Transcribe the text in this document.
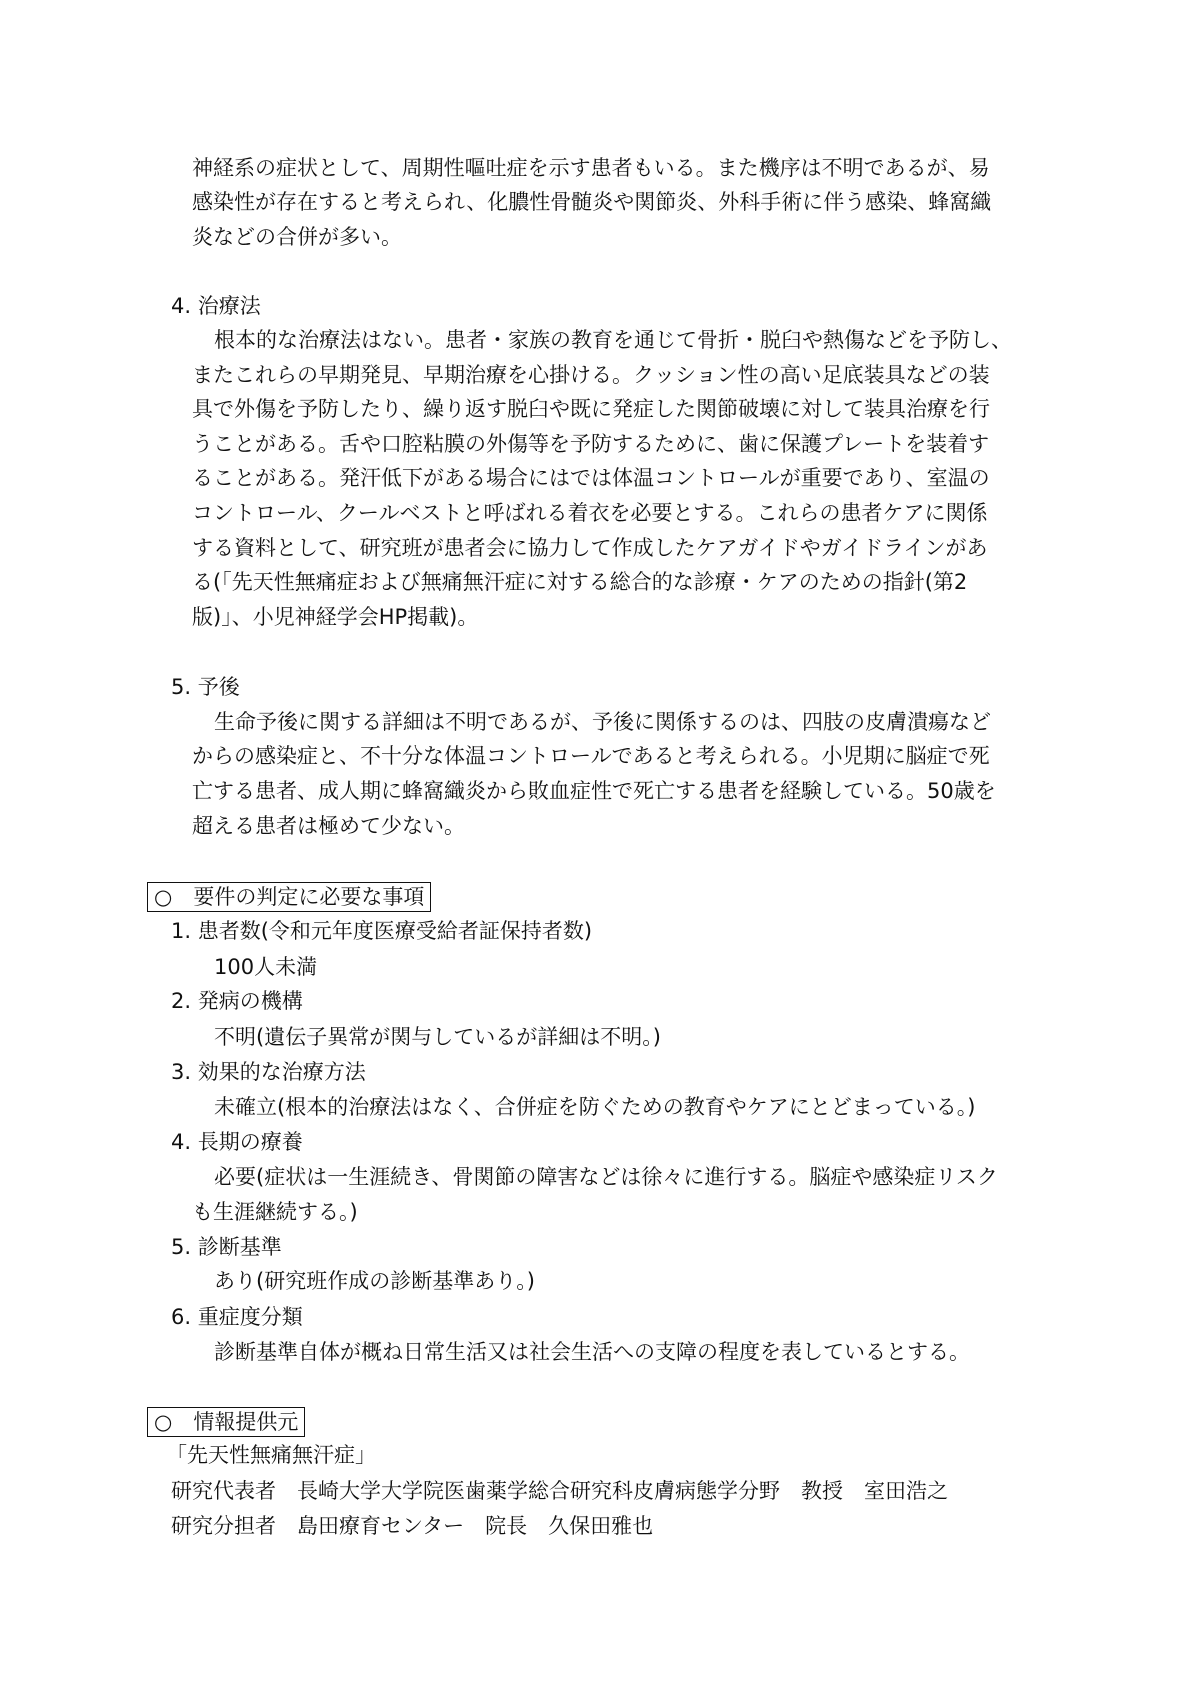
神経系の症状として、周期性嘔吐症を示す患者もいる。また機序は不明であるが、易
感染性が存在すると考えられ、化膿性骨髄炎や関節炎、外科手術に伴う感染、蜂窩織
炎などの合併が多い。
4. 治療法
根本的な治療法はない。患者・家族の教育を通じて骨折・脱臼や熱傷などを予防し、
またこれらの早期発見、早期治療を心掛ける。クッション性の高い足底装具などの装
具で外傷を予防したり、繰り返す脱臼や既に発症した関節破壊に対して装具治療を行
うことがある。舌や口腔粘膜の外傷等を予防するために、歯に保護プレートを装着す
ることがある。発汗低下がある場合にはでは体温コントロールが重要であり、室温の
コントロール、クールベストと呼ばれる着衣を必要とする。これらの患者ケアに関係
する資料として、研究班が患者会に協力して作成したケアガイドやガイドラインがあ
る(「先天性無痛症および無痛無汗症に対する総合的な診療・ケアのための指針(第2
版)」、小児神経学会HP掲載)。
5. 予後
生命予後に関する詳細は不明であるが、予後に関係するのは、四肢の皮膚潰瘍など
からの感染症と、不十分な体温コントロールであると考えられる。小児期に脳症で死
亡する患者、成人期に蜂窩織炎から敗血症性で死亡する患者を経験している。50歳を
超える患者は極めて少ない。
○　要件の判定に必要な事項
1. 患者数(令和元年度医療受給者証保持者数)
100人未満
2. 発病の機構
不明(遺伝子異常が関与しているが詳細は不明。)
3. 効果的な治療方法
未確立(根本的治療法はなく、合併症を防ぐための教育やケアにとどまっている。)
4. 長期の療養
必要(症状は一生涯続き、骨関節の障害などは徐々に進行する。脳症や感染症リスク
も生涯継続する。)
5. 診断基準
あり(研究班作成の診断基準あり。)
6. 重症度分類
診断基準自体が概ね日常生活又は社会生活への支障の程度を表しているとする。
○　情報提供元
「先天性無痛無汗症」
研究代表者　長崎大学大学院医歯薬学総合研究科皮膚病態学分野　教授　室田浩之
研究分担者　島田療育センター　院長　久保田雅也
